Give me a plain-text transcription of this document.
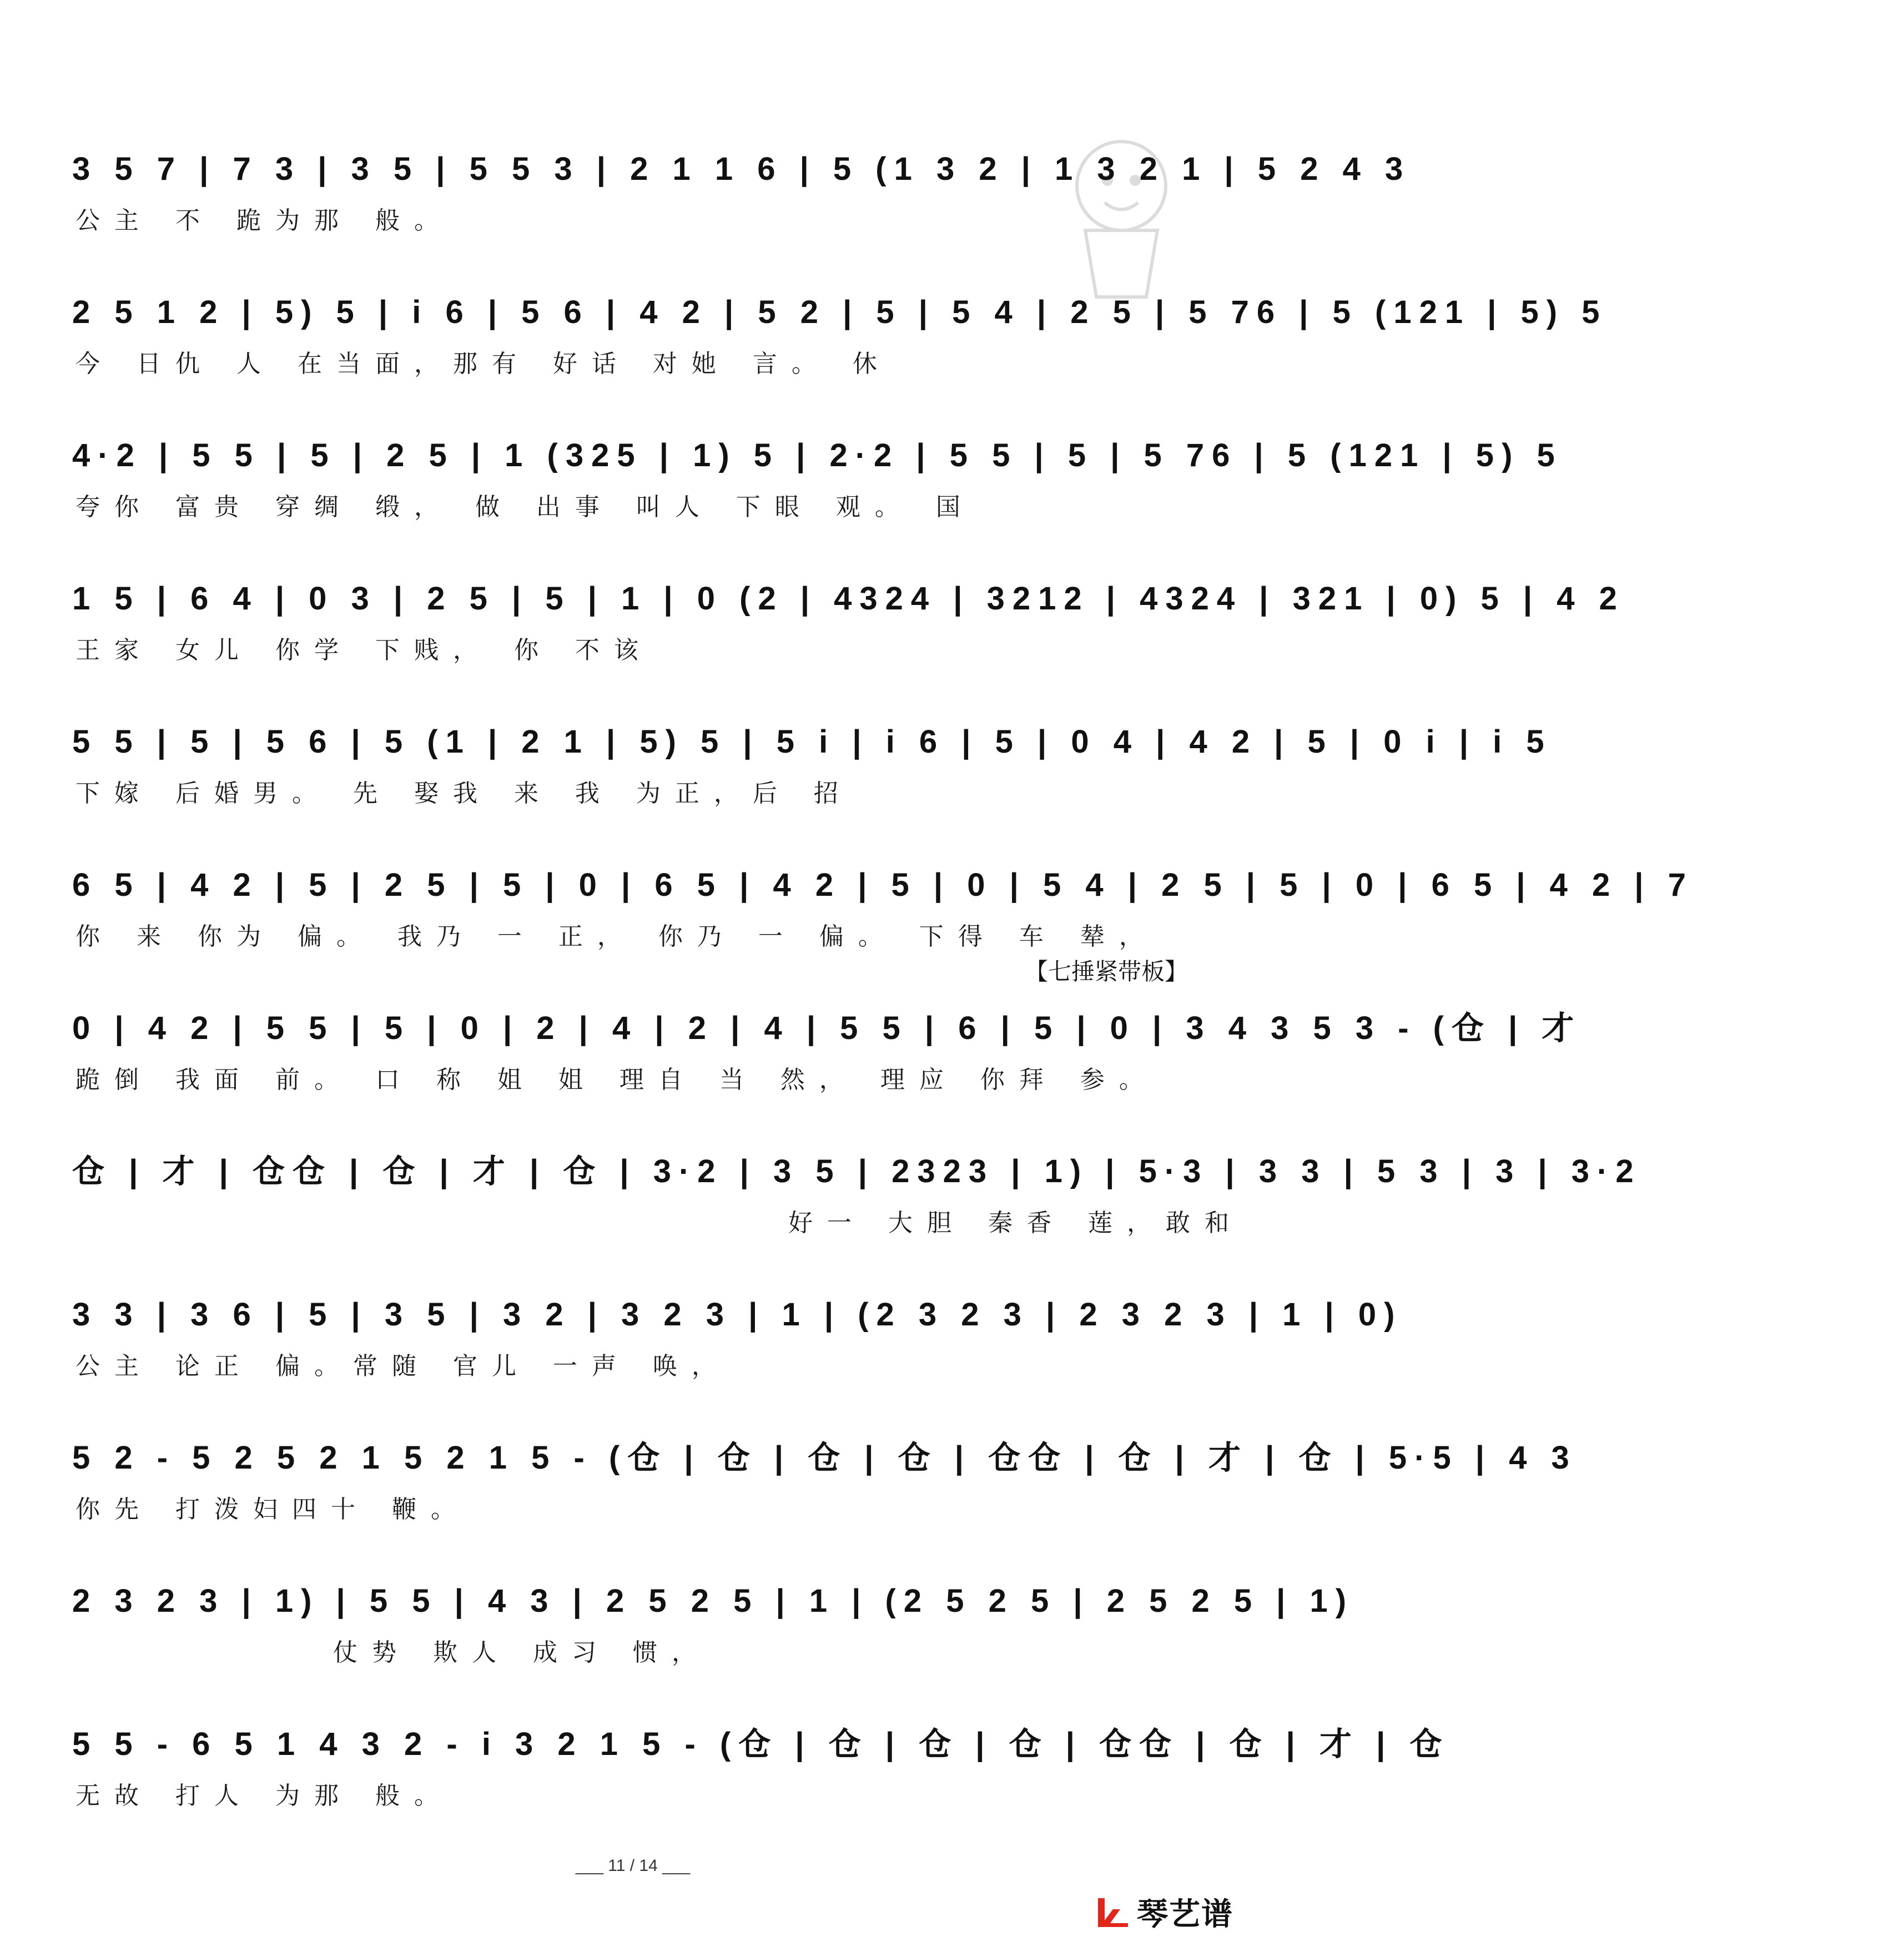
3 5 7 | 7 3 | 3 5 | 5 5 3 | 2 1 1 6 | 5 (1 3 2 | 1 3 2 1 | 5 2 4 3
公主 不 跪为那 般。
2 5 1 2 | 5) 5 | i 6 | 5 6 | 4 2 | 5 2 | 5 | 5 4 | 2 5 | 5 76 | 5 (121 | 5) 5
今 日仇 人 在当面，那有 好话 对她 言。 休
4·2 | 5 5 | 5 | 2 5 | 1 (325 | 1) 5 | 2·2 | 5 5 | 5 | 5 76 | 5 (121 | 5) 5
夸你 富贵 穿绸 缎， 做 出事 叫人 下眼 观。 国
1 5 | 6 4 | 0 3 | 2 5 | 5 | 1 | 0 (2 | 4324 | 3212 | 4324 | 321 | 0) 5 | 4 2
王家 女儿 你学 下贱， 你 不该
5 5 | 5 | 5 6 | 5 (1 | 2 1 | 5) 5 | 5 i | i 6 | 5 | 0 4 | 4 2 | 5 | 0 i | i 5
下嫁 后婚男。 先 娶我 来 我 为正，后 招
6 5 | 4 2 | 5 | 2 5 | 5 | 0 | 6 5 | 4 2 | 5 | 0 | 5 4 | 2 5 | 5 | 0 | 6 5 | 4 2 | 7
你 来 你为 偏。 我乃 一 正， 你乃 一 偏。 下得 车 辇，
【七捶紧带板】
0 | 4 2 | 5 5 | 5 | 0 | 2 | 4 | 2 | 4 | 5 5 | 6 | 5 | 0 | 3 4 3 5 3 - (仓 | 才
跪倒 我面 前。 口 称 姐 姐 理自 当 然， 理应 你拜 参。
仓 | 才 | 仓仓 | 仓 | 才 | 仓 | 3·2 | 3 5 | 2323 | 1) | 5·3 | 3 3 | 5 3 | 3 | 3·2
好一 大胆 秦香 莲，敢和
3 3 | 3 6 | 5 | 3 5 | 3 2 | 3 2 3 | 1 | (2 3 2 3 | 2 3 2 3 | 1 | 0)
公主 论正 偏。常随 官儿 一声 唤，
5 2 - 5 2 5 2 1 5 2 1 5 - (仓 | 仓 | 仓 | 仓 | 仓仓 | 仓 | 才 | 仓 | 5·5 | 4 3
你先 打泼妇四十 鞭。
2 3 2 3 | 1) | 5 5 | 4 3 | 2 5 2 5 | 1 | (2 5 2 5 | 2 5 2 5 | 1)
仗势 欺人 成习 惯，
5 5 - 6 5 1 4 3 2 - i 3 2 1 5 - (仓 | 仓 | 仓 | 仓 | 仓仓 | 仓 | 才 | 仓
无故 打人 为那 般。
___ 11 / 14 ___
琴艺谱
